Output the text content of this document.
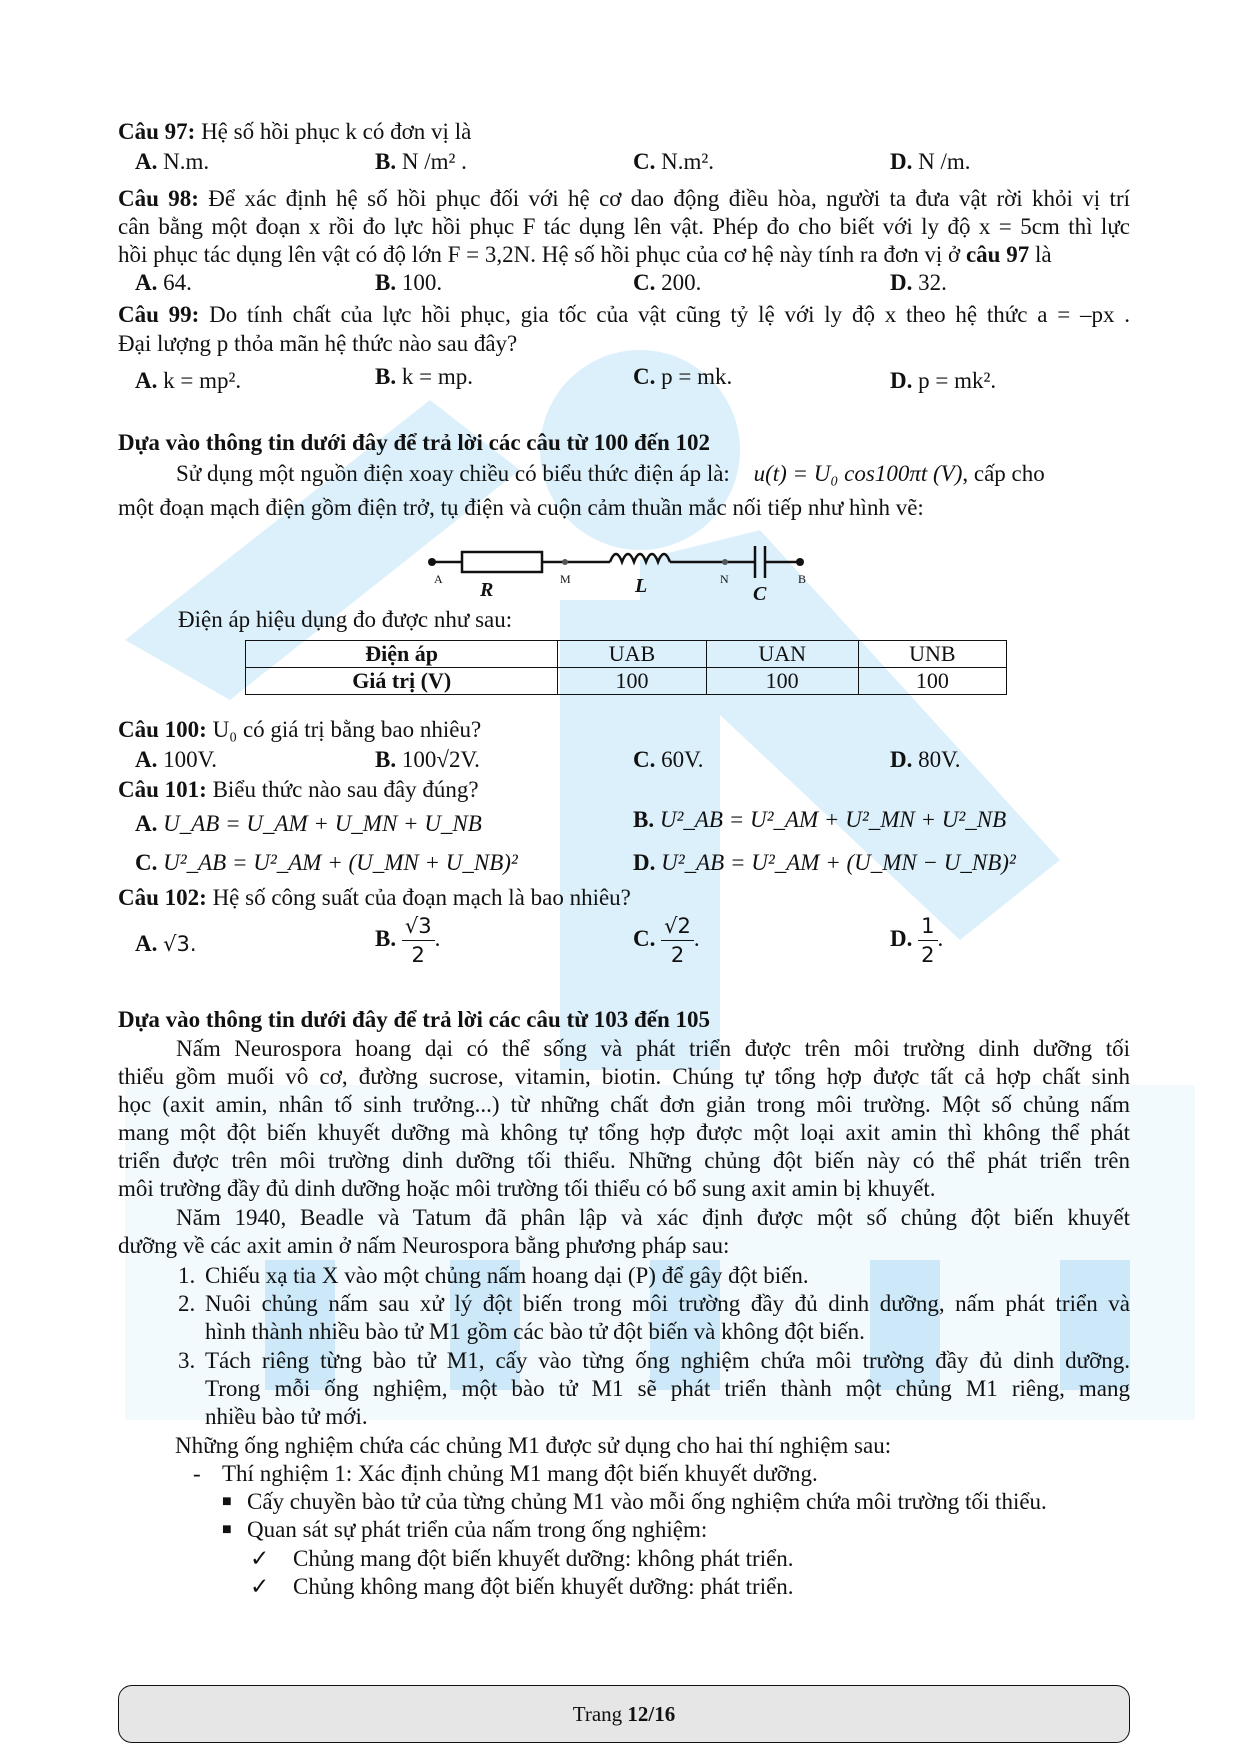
Câu 97: Hệ số hồi phục k có đơn vị là
A. N.m.	B. N /m² .	C. N.m².	D. N /m.
Câu 98: Để xác định hệ số hồi phục đối với hệ cơ dao động điều hòa, người ta đưa vật rời khỏi vị trí
cân bằng một đoạn x rồi đo lực hồi phục F tác dụng lên vật. Phép đo cho biết với ly độ x = 5cm thì lực
hồi phục tác dụng lên vật có độ lớn F = 3,2N. Hệ số hồi phục của cơ hệ này tính ra đơn vị ở câu 97 là
A. 64.	B. 100.	C. 200.	D. 32.
Câu 99: Do tính chất của lực hồi phục, gia tốc của vật cũng tỷ lệ với ly độ x theo hệ thức a = –px .
Đại lượng p thỏa mãn hệ thức nào sau đây?
A. k = mp².	B. k = mp.	C. p = mk.	D. p = mk².
Dựa vào thông tin dưới đây để trả lời các câu từ 100 đến 102
Sử dụng một nguồn điện xoay chiều có biểu thức điện áp là: u(t) = U₀ cos100πt (V), cấp cho
một đoạn mạch điện gồm điện trở, tụ điện và cuộn cảm thuần mắc nối tiếp như hình vẽ:
A	M	N	B
R	L	C
Điện áp hiệu dụng đo được như sau:
Điện áp	UAB	UAN	UNB
Giá trị (V)	100	100	100
Câu 100: U₀ có giá trị bằng bao nhiêu?
A. 100V.	B. 100√2V.	C. 60V.	D. 80V.
Câu 101: Biểu thức nào sau đây đúng?
A. U_AB = U_AM + U_MN + U_NB	B. U²_AB = U²_AM + U²_MN + U²_NB
C. U²_AB = U²_AM + (U_MN + U_NB)²	D. U²_AB = U²_AM + (U_MN − U_NB)²
Câu 102: Hệ số công suất của đoạn mạch là bao nhiêu?
A. √3.	B. $\frac{√3}{2}$ .	C. $\frac{√2}{2}$ .	D. $\frac{1}{2}$ .
Dựa vào thông tin dưới đây để trả lời các câu từ 103 đến 105
Nấm Neurospora hoang dại có thể sống và phát triển được trên môi trường dinh dưỡng tối
thiểu gồm muối vô cơ, đường sucrose, vitamin, biotin. Chúng tự tổng hợp được tất cả hợp chất sinh
học (axit amin, nhân tố sinh trưởng...) từ những chất đơn giản trong môi trường. Một số chủng nấm
mang một đột biến khuyết dưỡng mà không tự tổng hợp được một loại axit amin thì không thể phát
triển được trên môi trường dinh dưỡng tối thiểu. Những chủng đột biến này có thể phát triển trên
môi trường đầy đủ dinh dưỡng hoặc môi trường tối thiểu có bổ sung axit amin bị khuyết.
Năm 1940, Beadle và Tatum đã phân lập và xác định được một số chủng đột biến khuyết
dưỡng về các axit amin ở nấm Neurospora bằng phương pháp sau:
1. Chiếu xạ tia X vào một chủng nấm hoang dại (P) để gây đột biến.
2. Nuôi chủng nấm sau xử lý đột biến trong môi trường đầy đủ dinh dưỡng, nấm phát triển và
hình thành nhiều bào tử M1 gồm các bào tử đột biến và không đột biến.
3. Tách riêng từng bào tử M1, cấy vào từng ống nghiệm chứa môi trường đầy đủ dinh dưỡng.
Trong mỗi ống nghiệm, một bào tử M1 sẽ phát triển thành một chủng M1 riêng, mang
nhiều bào tử mới.
Những ống nghiệm chứa các chủng M1 được sử dụng cho hai thí nghiệm sau:
- Thí nghiệm 1: Xác định chủng M1 mang đột biến khuyết dưỡng.
■ Cấy chuyền bào tử của từng chủng M1 vào mỗi ống nghiệm chứa môi trường tối thiểu.
■ Quan sát sự phát triển của nấm trong ống nghiệm:
✓ Chủng mang đột biến khuyết dưỡng: không phát triển.
✓ Chủng không mang đột biến khuyết dưỡng: phát triển.
Trang 12/16
